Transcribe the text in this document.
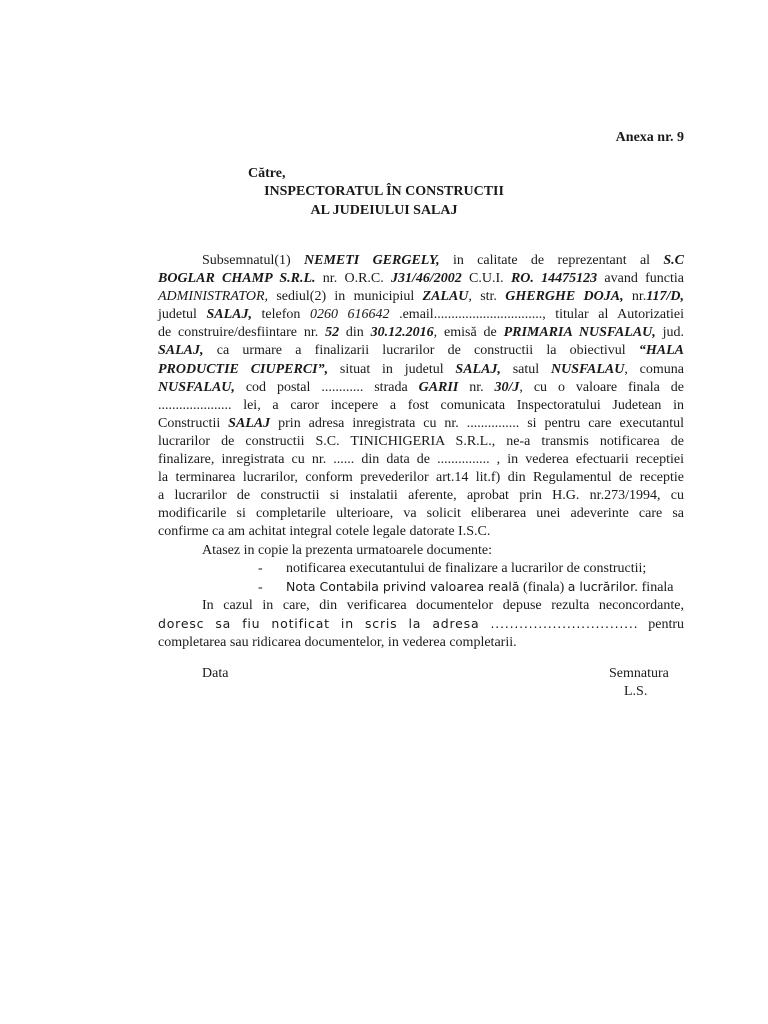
Anexa nr. 9
Către,
INSPECTORATUL ÎN CONSTRUCTII
AL JUDEIULUI SALAJ
Subsemnatul(1) NEMETI GERGELY, in calitate de reprezentant al S.C
BOGLAR CHAMP S.R.L. nr. O.R.C. J31/46/2002 C.U.I. RO. 14475123 avand functia
ADMINISTRATOR, sediul(2) in municipiul ZALAU, str. GHERGHE DOJA, nr.117/D,
judetul SALAJ, telefon 0260 616642 .email..............................., titular al Autorizatiei
de construire/desfiintare nr. 52 din 30.12.2016, emisă de PRIMARIA NUSFALAU, jud.
SALAJ, ca urmare a finalizarii lucrarilor de constructii la obiectivul “HALA
PRODUCTIE CIUPERCI”, situat in judetul SALAJ, satul NUSFALAU, comuna
NUSFALAU, cod postal ............ strada GARII nr. 30/J, cu o valoare finala de
..................... lei, a caror incepere a fost comunicata Inspectoratului Judetean in
Constructii SALAJ prin adresa inregistrata cu nr. ............... si pentru care executantul
lucrarilor de constructii S.C. TINICHIGERIA S.R.L., ne-a transmis notificarea de
finalizare, inregistrata cu nr. ...... din data de ............... , in vederea efectuarii receptiei
la terminarea lucrarilor, conform prevederilor art.14 lit.f) din Regulamentul de receptie
a lucrarilor de constructii si instalatii aferente, aprobat prin H.G. nr.273/1994, cu
modificarile si completarile ulterioare, va solicit eliberarea unei adeverinte care sa
confirme ca am achitat integral cotele legale datorate I.S.C.
Atasez in copie la prezenta urmatoarele documente:
- notificarea executantului de finalizare a lucrarilor de constructii;
- Nota Contabila privind valoarea reală (finala) a lucrărilor. finala
In cazul in care, din verificarea documentelor depuse rezulta neconcordante,
doresc sa fiu notificat in scris la adresa ............................... pentru
completarea sau ridicarea documentelor, in vederea completarii.
Data	Semnatura
L.S.
